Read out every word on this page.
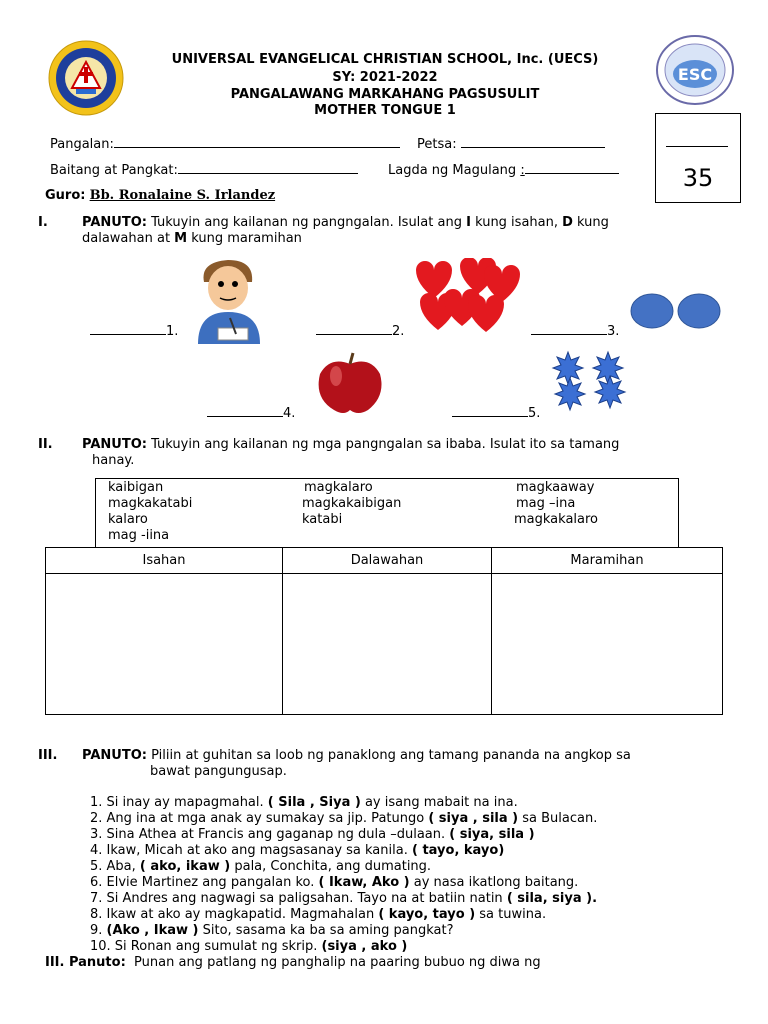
ESC
UNIVERSAL EVANGELICAL CHRISTIAN SCHOOL, Inc. (UECS)
SY: 2021-2022
PANGALAWANG MARKAHANG PAGSUSULIT
MOTHER TONGUE 1
Pangalan:	Petsa:
Baitang at Pangkat:	Lagda ng Magulang :
Guro: Bb. Ronalaine S. Irlandez
35
I.	PANUTO: Tukuyin ang kailanan ng pangngalan. Isulat ang I kung isahan, D kung
dalawahan at M kung maramihan
1.	2.	3.
4.	5.
II. PANUTO: Tukuyin ang kailanan ng mga pangngalan sa ibaba. Isulat ito sa tamang
hanay.
kaibigan	magkalaro	magkaaway
magkakatabi	magkakaibigan	mag –ina
kalaro	katabi	magkakalaro
mag -iina
Isahan	Dalawahan	Maramihan

III. PANUTO: Piliin at guhitan sa loob ng panaklong ang tamang pananda na angkop sa
bawat pangungusap.
1. Si inay ay mapagmahal. ( Sila , Siya ) ay isang mabait na ina.
2. Ang ina at mga anak ay sumakay sa jip. Patungo ( siya , sila ) sa Bulacan.
3. Sina Athea at Francis ang gaganap ng dula –dulaan. ( siya, sila )
4. Ikaw, Micah at ako ang magsasanay sa kanila. ( tayo, kayo)
5. Aba, ( ako, ikaw ) pala, Conchita, ang dumating.
6. Elvie Martinez ang pangalan ko. ( Ikaw, Ako ) ay nasa ikatlong baitang.
7. Si Andres ang nagwagi sa paligsahan. Tayo na at batiin natin ( sila, siya ).
8. Ikaw at ako ay magkapatid. Magmahalan ( kayo, tayo ) sa tuwina.
9. (Ako , Ikaw ) Sito, sasama ka ba sa aming pangkat?
10. Si Ronan ang sumulat ng skrip. (siya , ako )
III. Panuto: Punan ang patlang ng panghalip na paaring bubuo ng diwa ng
